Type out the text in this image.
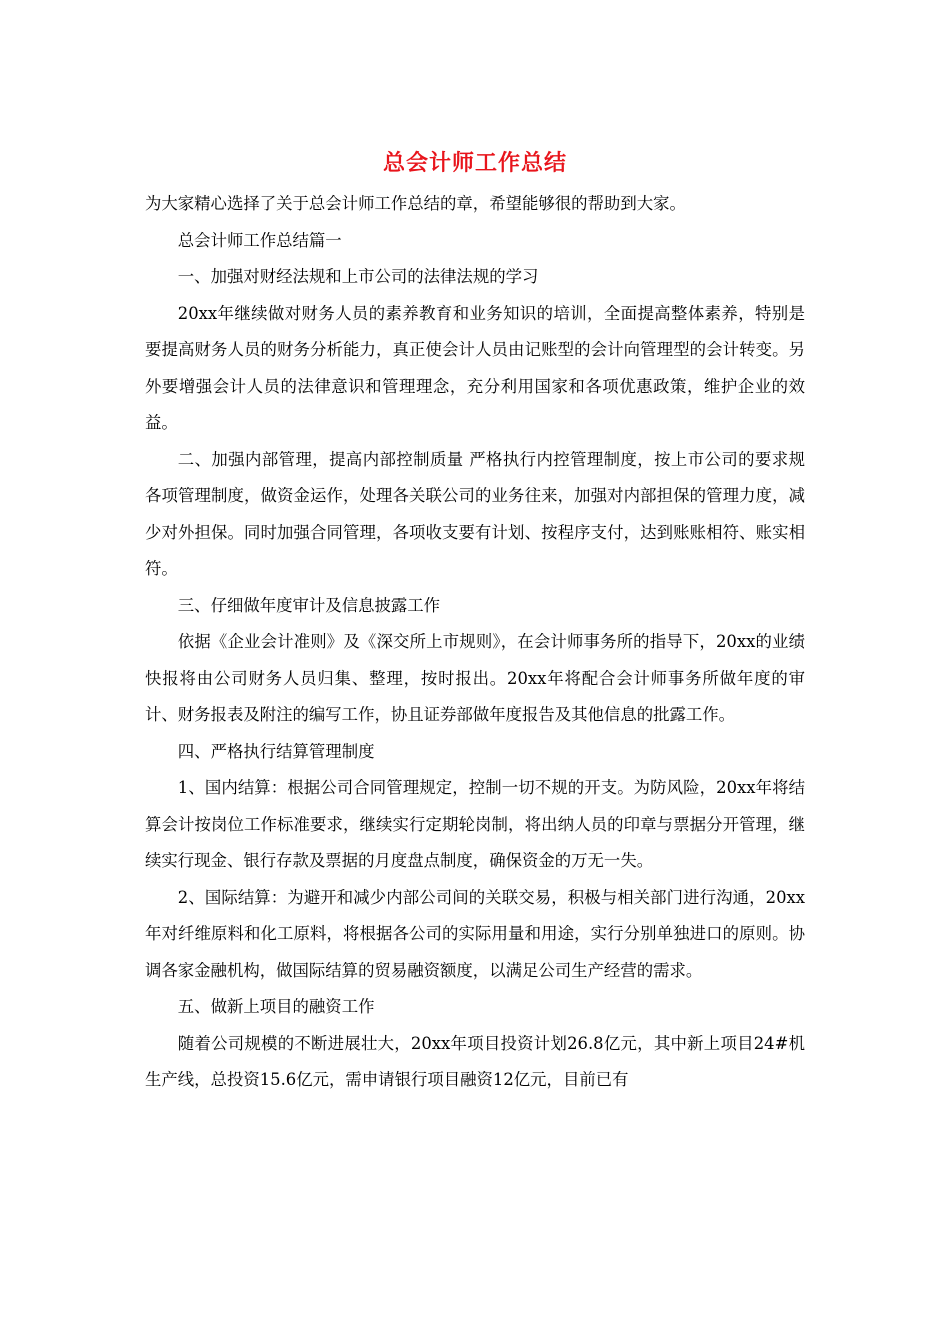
总会计师工作总结

为大家精心选择了关于总会计师工作总结的章，希望能够很的帮助到大家。

总会计师工作总结篇一

一、加强对财经法规和上市公司的法律法规的学习

20xx年继续做对财务人员的素养教育和业务知识的培训，全面提高整体素养，特别是要提高财务人员的财务分析能力，真正使会计人员由记账型的会计向管理型的会计转变。另外要增强会计人员的法律意识和管理理念，充分利用国家和各项优惠政策，维护企业的效益。

二、加强内部管理，提高内部控制质量 严格执行内控管理制度，按上市公司的要求规各项管理制度，做资金运作，处理各关联公司的业务往来，加强对内部担保的管理力度，减少对外担保。同时加强合同管理，各项收支要有计划、按程序支付，达到账账相符、账实相符。

三、仔细做年度审计及信息披露工作

依据《企业会计准则》及《深交所上市规则》，在会计师事务所的指导下，20xx的业绩快报将由公司财务人员归集、整理，按时报出。20xx年将配合会计师事务所做年度的审计、财务报表及附注的编写工作，协且证券部做年度报告及其他信息的批露工作。

四、严格执行结算管理制度

1、国内结算：根据公司合同管理规定，控制一切不规的开支。为防风险，20xx年将结算会计按岗位工作标准要求，继续实行定期轮岗制，将出纳人员的印章与票据分开管理，继续实行现金、银行存款及票据的月度盘点制度，确保资金的万无一失。

2、国际结算：为避开和减少内部公司间的关联交易，积极与相关部门进行沟通，20xx年对纤维原料和化工原料，将根据各公司的实际用量和用途，实行分别单独进口的原则。协调各家金融机构，做国际结算的贸易融资额度，以满足公司生产经营的需求。

五、做新上项目的融资工作

随着公司规模的不断进展壮大，20xx年项目投资计划26.8亿元，其中新上项目24#机生产线，总投资15.6亿元，需申请银行项目融资12亿元，目前已有
